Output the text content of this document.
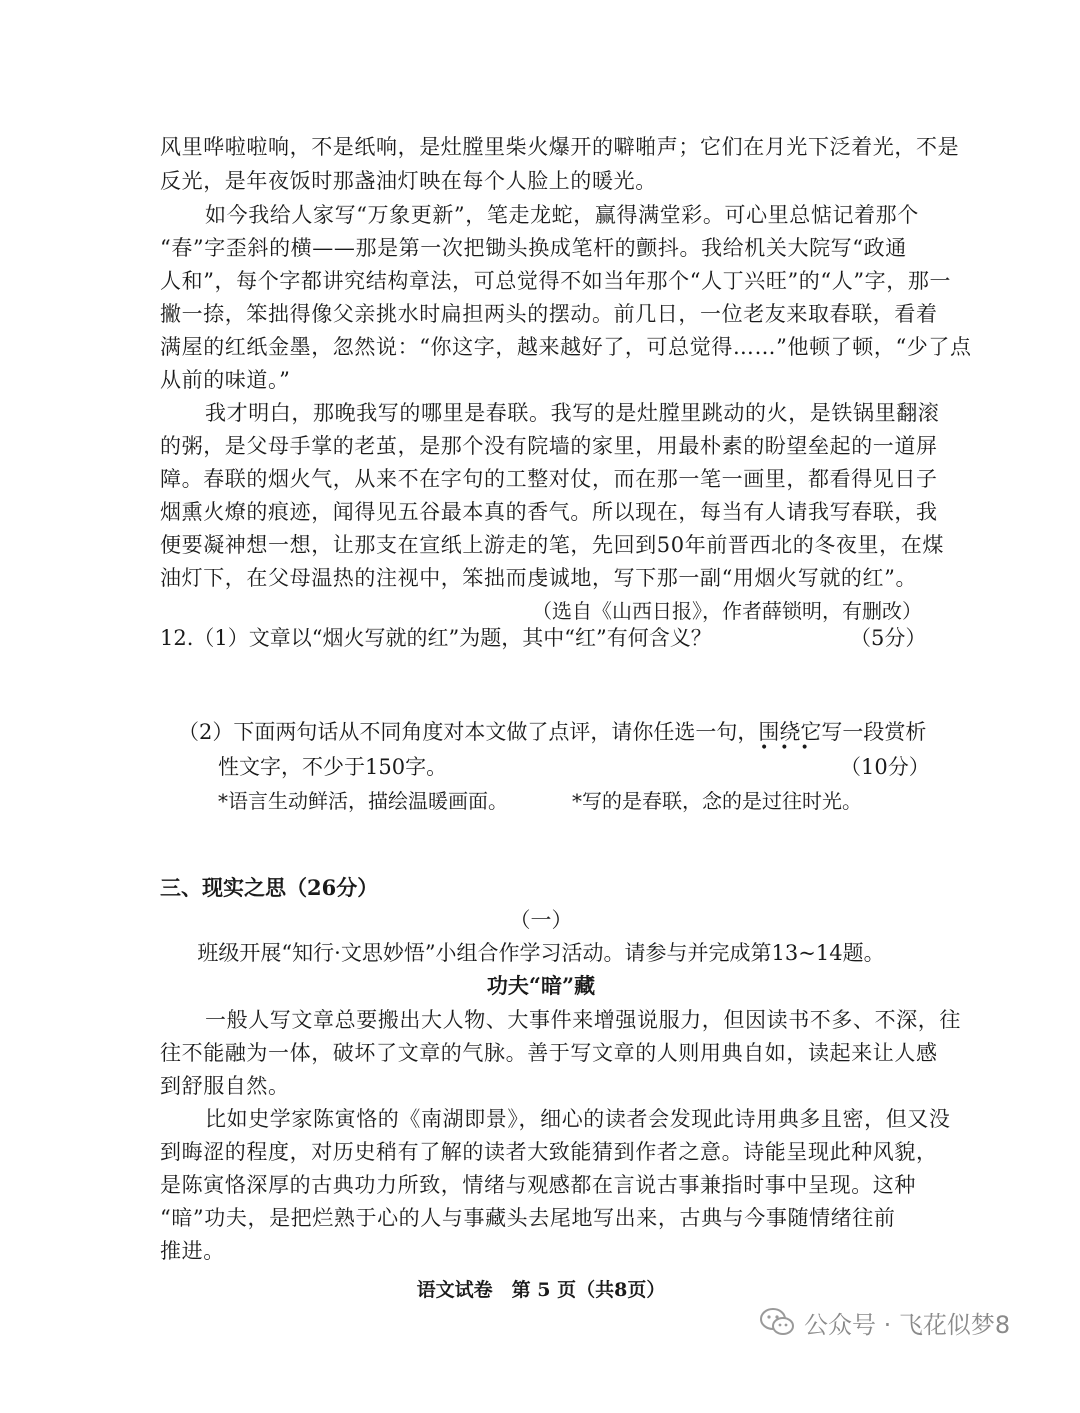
风里哗啦啦响，不是纸响，是灶膛里柴火爆开的噼啪声；它们在月光下泛着光，不是
反光，是年夜饭时那盏油灯映在每个人脸上的暖光。
如今我给人家写“万象更新”，笔走龙蛇，赢得满堂彩。可心里总惦记着那个
“春”字歪斜的横——那是第一次把锄头换成笔杆的颤抖。我给机关大院写“政通
人和”，每个字都讲究结构章法，可总觉得不如当年那个“人丁兴旺”的“人”字，那一
撇一捺，笨拙得像父亲挑水时扁担两头的摆动。前几日，一位老友来取春联，看着
满屋的红纸金墨，忽然说：“你这字，越来越好了，可总觉得……”他顿了顿，“少了点
从前的味道。”
我才明白，那晚我写的哪里是春联。我写的是灶膛里跳动的火，是铁锅里翻滚
的粥，是父母手掌的老茧，是那个没有院墙的家里，用最朴素的盼望垒起的一道屏
障。春联的烟火气，从来不在字句的工整对仗，而在那一笔一画里，都看得见日子
烟熏火燎的痕迹，闻得见五谷最本真的香气。所以现在，每当有人请我写春联，我
便要凝神想一想，让那支在宣纸上游走的笔，先回到50年前晋西北的冬夜里，在煤
油灯下，在父母温热的注视中，笨拙而虔诚地，写下那一副“用烟火写就的红”。
（选自《山西日报》，作者薛锁明，有删改）
12.（1）文章以“烟火写就的红”为题，其中“红”有何含义？	（5分）
（2）下面两句话从不同角度对本文做了点评，请你任选一句，围绕它写一段赏析
•••
性文字，不少于150字。	（10分）
*语言生动鲜活，描绘温暖画面。	*写的是春联，念的是过往时光。
三、现实之思（26分）
（一）
班级开展“知行·文思妙悟”小组合作学习活动。请参与并完成第13~14题。
功夫“暗”藏
一般人写文章总要搬出大人物、大事件来增强说服力，但因读书不多、不深，往
往不能融为一体，破坏了文章的气脉。善于写文章的人则用典自如，读起来让人感
到舒服自然。
比如史学家陈寅恪的《南湖即景》，细心的读者会发现此诗用典多且密，但又没
到晦涩的程度，对历史稍有了解的读者大致能猜到作者之意。诗能呈现此种风貌，
是陈寅恪深厚的古典功力所致，情绪与观感都在言说古事兼指时事中呈现。这种
“暗”功夫，是把烂熟于心的人与事藏头去尾地写出来，古典与今事随情绪往前
推进。
语文试卷　第 5 页（共8页）
公众号 · 飞花似梦8
